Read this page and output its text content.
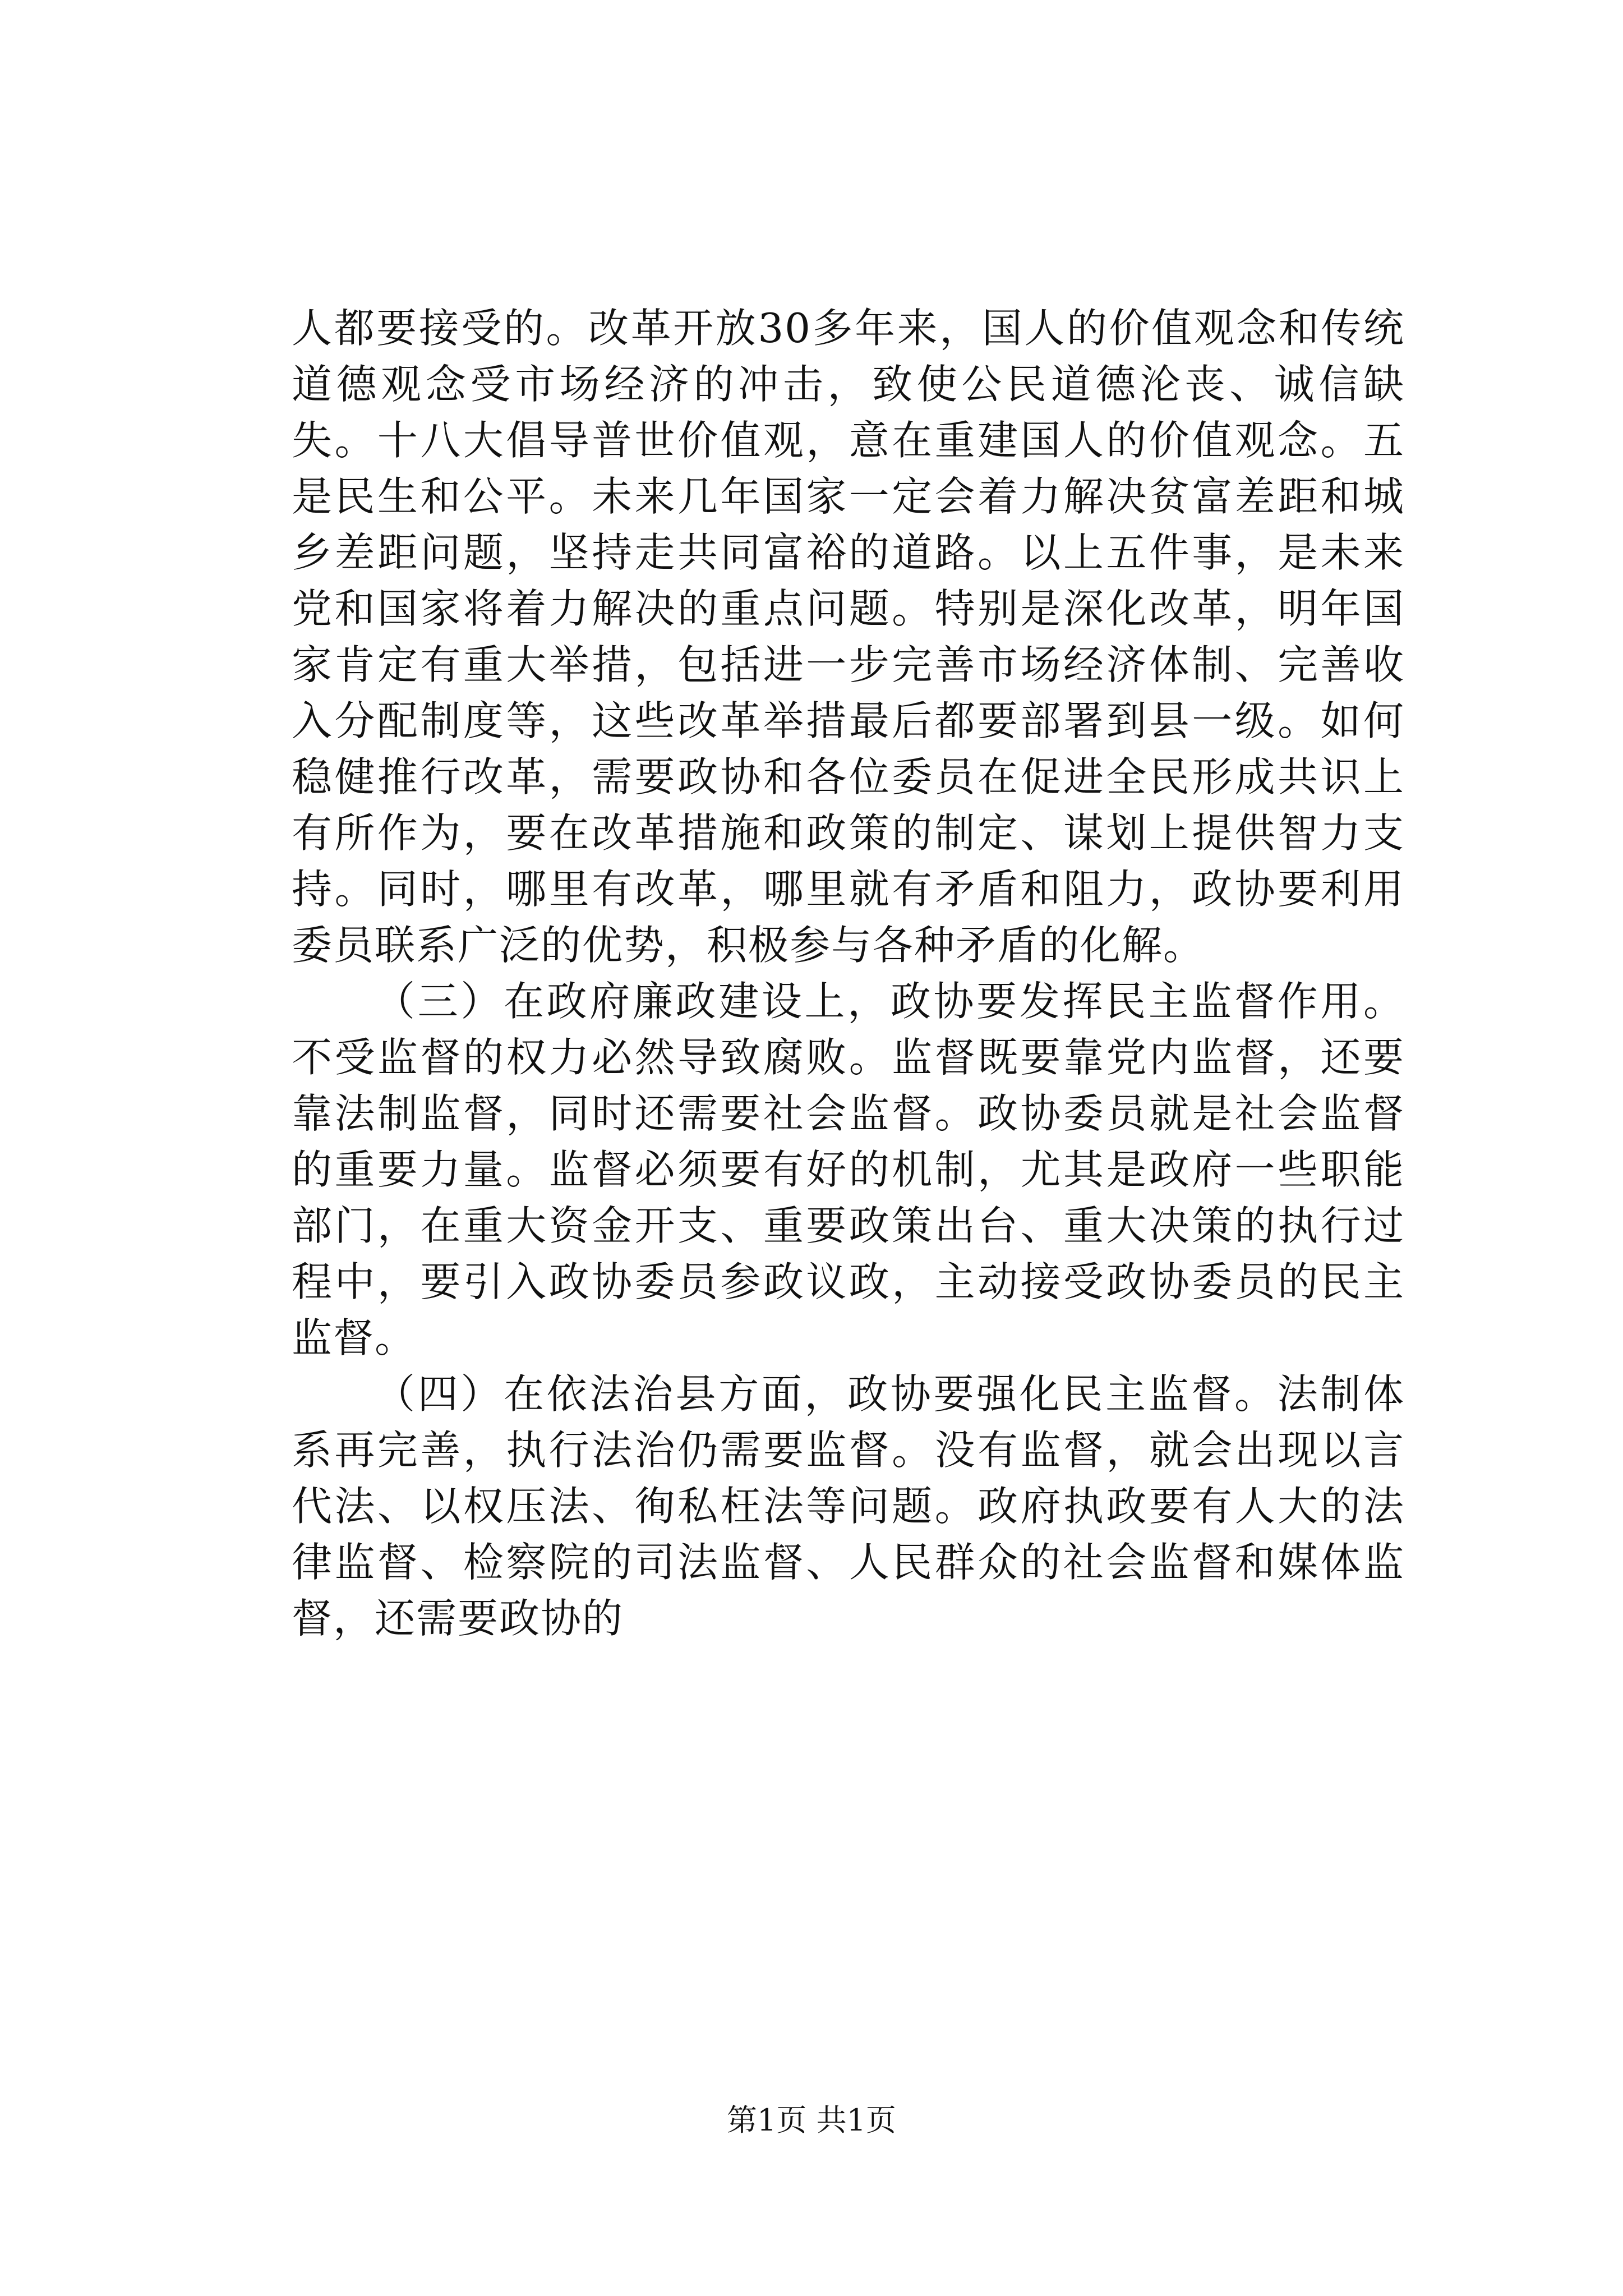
人都要接受的。改革开放30多年来，国人的价值观念和传统道德观念受市场经济的冲击，致使公民道德沦丧、诚信缺失。十八大倡导普世价值观，意在重建国人的价值观念。五是民生和公平。未来几年国家一定会着力解决贫富差距和城乡差距问题，坚持走共同富裕的道路。以上五件事，是未来党和国家将着力解决的重点问题。特别是深化改革，明年国家肯定有重大举措，包括进一步完善市场经济体制、完善收入分配制度等，这些改革举措最后都要部署到县一级。如何稳健推行改革，需要政协和各位委员在促进全民形成共识上有所作为，要在改革措施和政策的制定、谋划上提供智力支持。同时，哪里有改革，哪里就有矛盾和阻力，政协要利用委员联系广泛的优势，积极参与各种矛盾的化解。

（三）在政府廉政建设上，政协要发挥民主监督作用。不受监督的权力必然导致腐败。监督既要靠党内监督，还要靠法制监督，同时还需要社会监督。政协委员就是社会监督的重要力量。监督必须要有好的机制，尤其是政府一些职能部门，在重大资金开支、重要政策出台、重大决策的执行过程中，要引入政协委员参政议政，主动接受政协委员的民主监督。

（四）在依法治县方面，政协要强化民主监督。法制体系再完善，执行法治仍需要监督。没有监督，就会出现以言代法、以权压法、徇私枉法等问题。政府执政要有人大的法律监督、检察院的司法监督、人民群众的社会监督和媒体监督，还需要政协的

第1页 共1页
